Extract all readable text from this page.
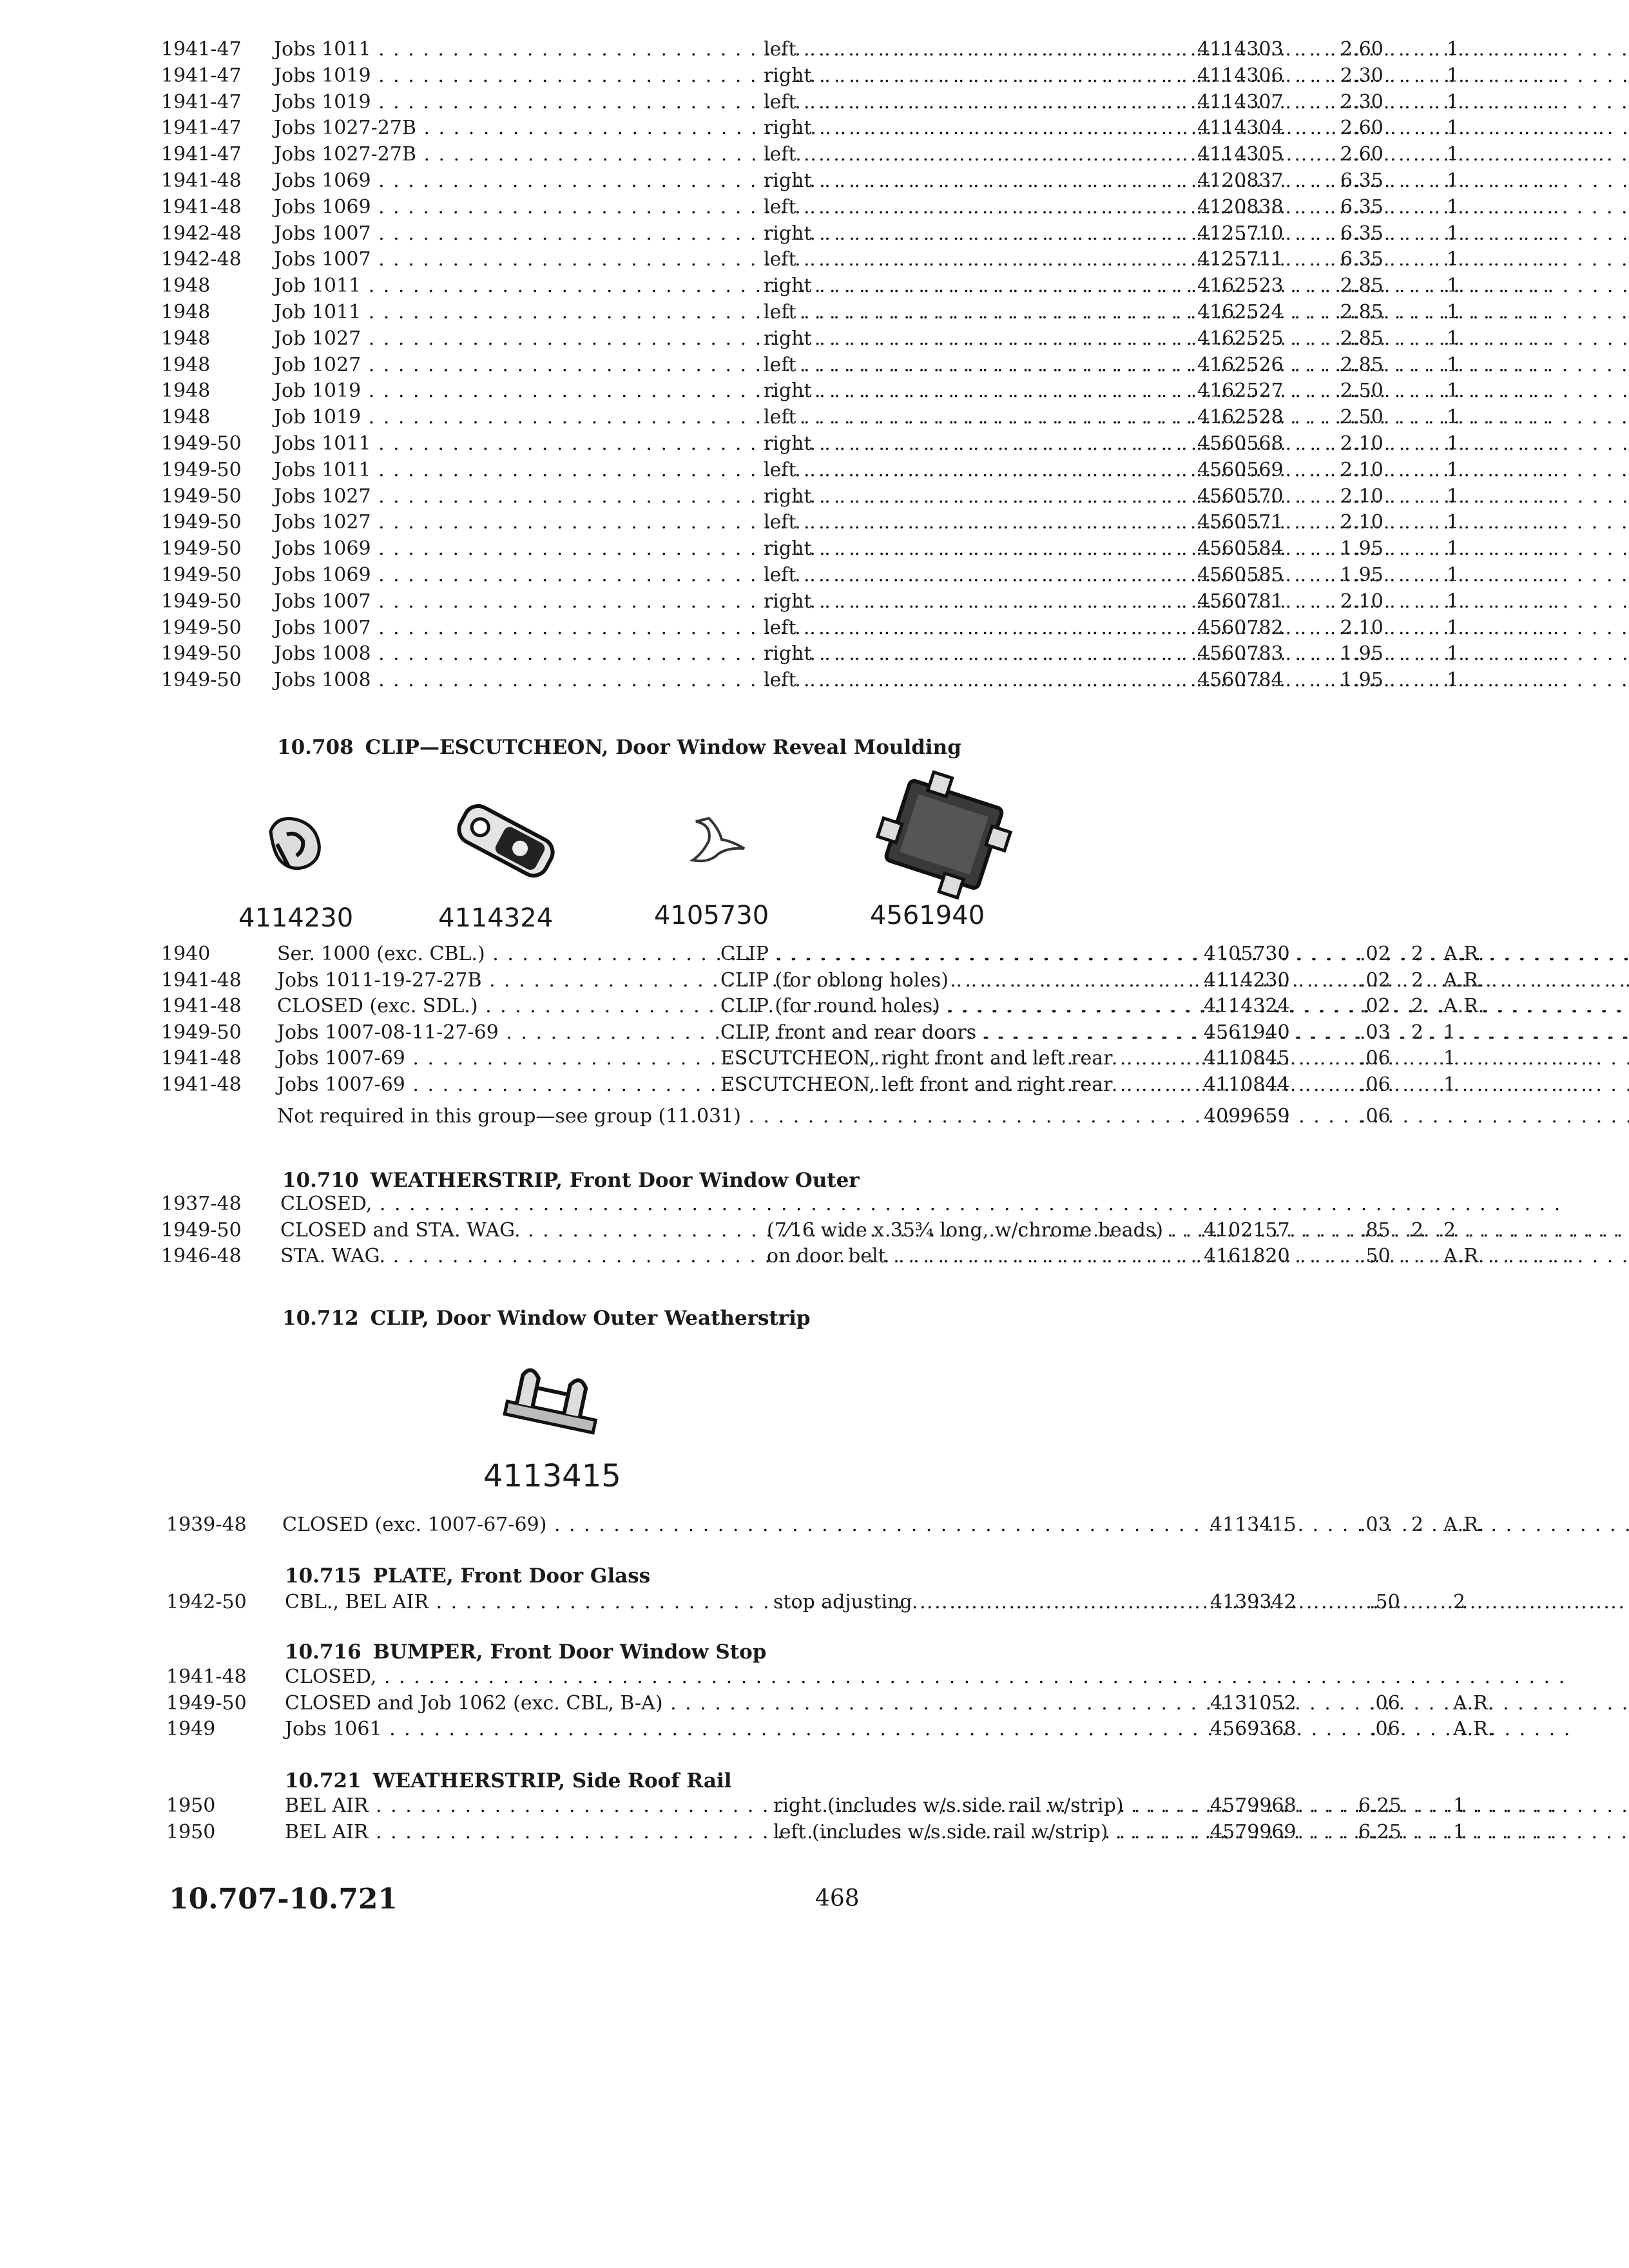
1941-47 Jobs 1011 . . .	left . . .	4114303	2.60	1
1941-47 Jobs 1019 . . .	right . . .	4114306	2.30	1
1941-47 Jobs 1019 . . .	left . . .	4114307	2.30	1
1941-47 Jobs 1027-27B . . .	right . . .	4114304	2.60	1
1941-47 Jobs 1027-27B . . .	left . . .	4114305	2.60	1
1941-48 Jobs 1069 . . .	right . . .	4120837	6.35	1
1941-48 Jobs 1069 . . .	left . . .	4120838	6.35	1
1942-48 Jobs 1007 . . .	right . . .	4125710	6.35	1
1942-48 Jobs 1007 . . .	left . . .	4125711	6.35	1
1948	Job 1011 . . .	right . . .	4162523	2.85	1
1948	Job 1011 . . .	left . . .	4162524	2.85	1
1948	Job 1027 . . .	right . . .	4162525	2.85	1
1948	Job 1027 . . .	left . . .	4162526	2.85	1
1948	Job 1019 . . .	right . . .	4162527	2.50	1
1948	Job 1019 . . .	left . . .	4162528	2.50	1
1949-50 Jobs 1011 . . .	right . . .	4560568	2.10	1
1949-50 Jobs 1011 . . .	left . . .	4560569	2.10	1
1949-50 Jobs 1027 . . .	right . . .	4560570	2.10	1
1949-50 Jobs 1027 . . .	left . . .	4560571	2.10	1
1949-50 Jobs 1069 . . .	right . . .	4560584	1.95	1
1949-50 Jobs 1069 . . .	left . . .	4560585	1.95	1
1949-50 Jobs 1007 . . .	right . . .	4560781	2.10	1
1949-50 Jobs 1007 . . .	left . . .	4560782	2.10	1
1949-50 Jobs 1008 . . .	right . . .	4560783	1.95	1
1949-50 Jobs 1008 . . .	left . . .	4560784	1.95	1
10.708 CLIP—ESCUTCHEON, Door Window Reveal Moulding
4114230	4114324	4105730	4561940
1940	Ser. 1000 (exc. CBL.) . . .	CLIP . . .	4105730	.02 2 A.R.
1941-48 Jobs 1011-19-27-27B . . .	CLIP (for oblong holes) . . .	4114230	.02 2 A.R.
1941-48 CLOSED (exc. SDL.) . . .	CLIP (for round holes) . . .	4114324	.02 2 A.R.
1949-50 Jobs 1007-08-11-27-69 . . .	CLIP, front and rear doors . . .	4561940	.03 2 1
1941-48 Jobs 1007-69 . . .	ESCUTCHEON, right front and left rear . . .	4110845	.06	1
1941-48 Jobs 1007-69 . . .	ESCUTCHEON, left front and right rear . . .	4110844	.06	1
Not required in this group—see group (11.031) . . .	4099659	.06
10.710 WEATHERSTRIP, Front Door Window Outer
1937-48 CLOSED, . . .
1949-50 CLOSED and STA. WAG. . . .	(7⁄16 wide x 35¾ long, w/chrome beads) . . .	4102157	.85 2 2
1946-48 STA. WAG. . . .	on door belt . . .	4161820	.50	A.R.
10.712 CLIP, Door Window Outer Weatherstrip
4113415
1939-48 CLOSED (exc. 1007-67-69) . . .	4113415	.03 2 A.R.
10.715 PLATE, Front Door Glass
1942-50 CBL., BEL AIR . . .	stop adjusting . . .	4139342	.50	2
10.716 BUMPER, Front Door Window Stop
1941-48 CLOSED, . . .
1949-50 CLOSED and Job 1062 (exc. CBL, B-A) . . .	4131052	.06	A.R.
1949	Jobs 1061 . . .	4569368	.06	A.R.
10.721 WEATHERSTRIP, Side Roof Rail
1950	BEL AIR . . .	right (includes w/s side rail w/strip) . . .	4579968	6.25	1
1950	BEL AIR . . .	left (includes w/s side rail w/strip) . . .	4579969	6.25	1
10.707-10.721	468
